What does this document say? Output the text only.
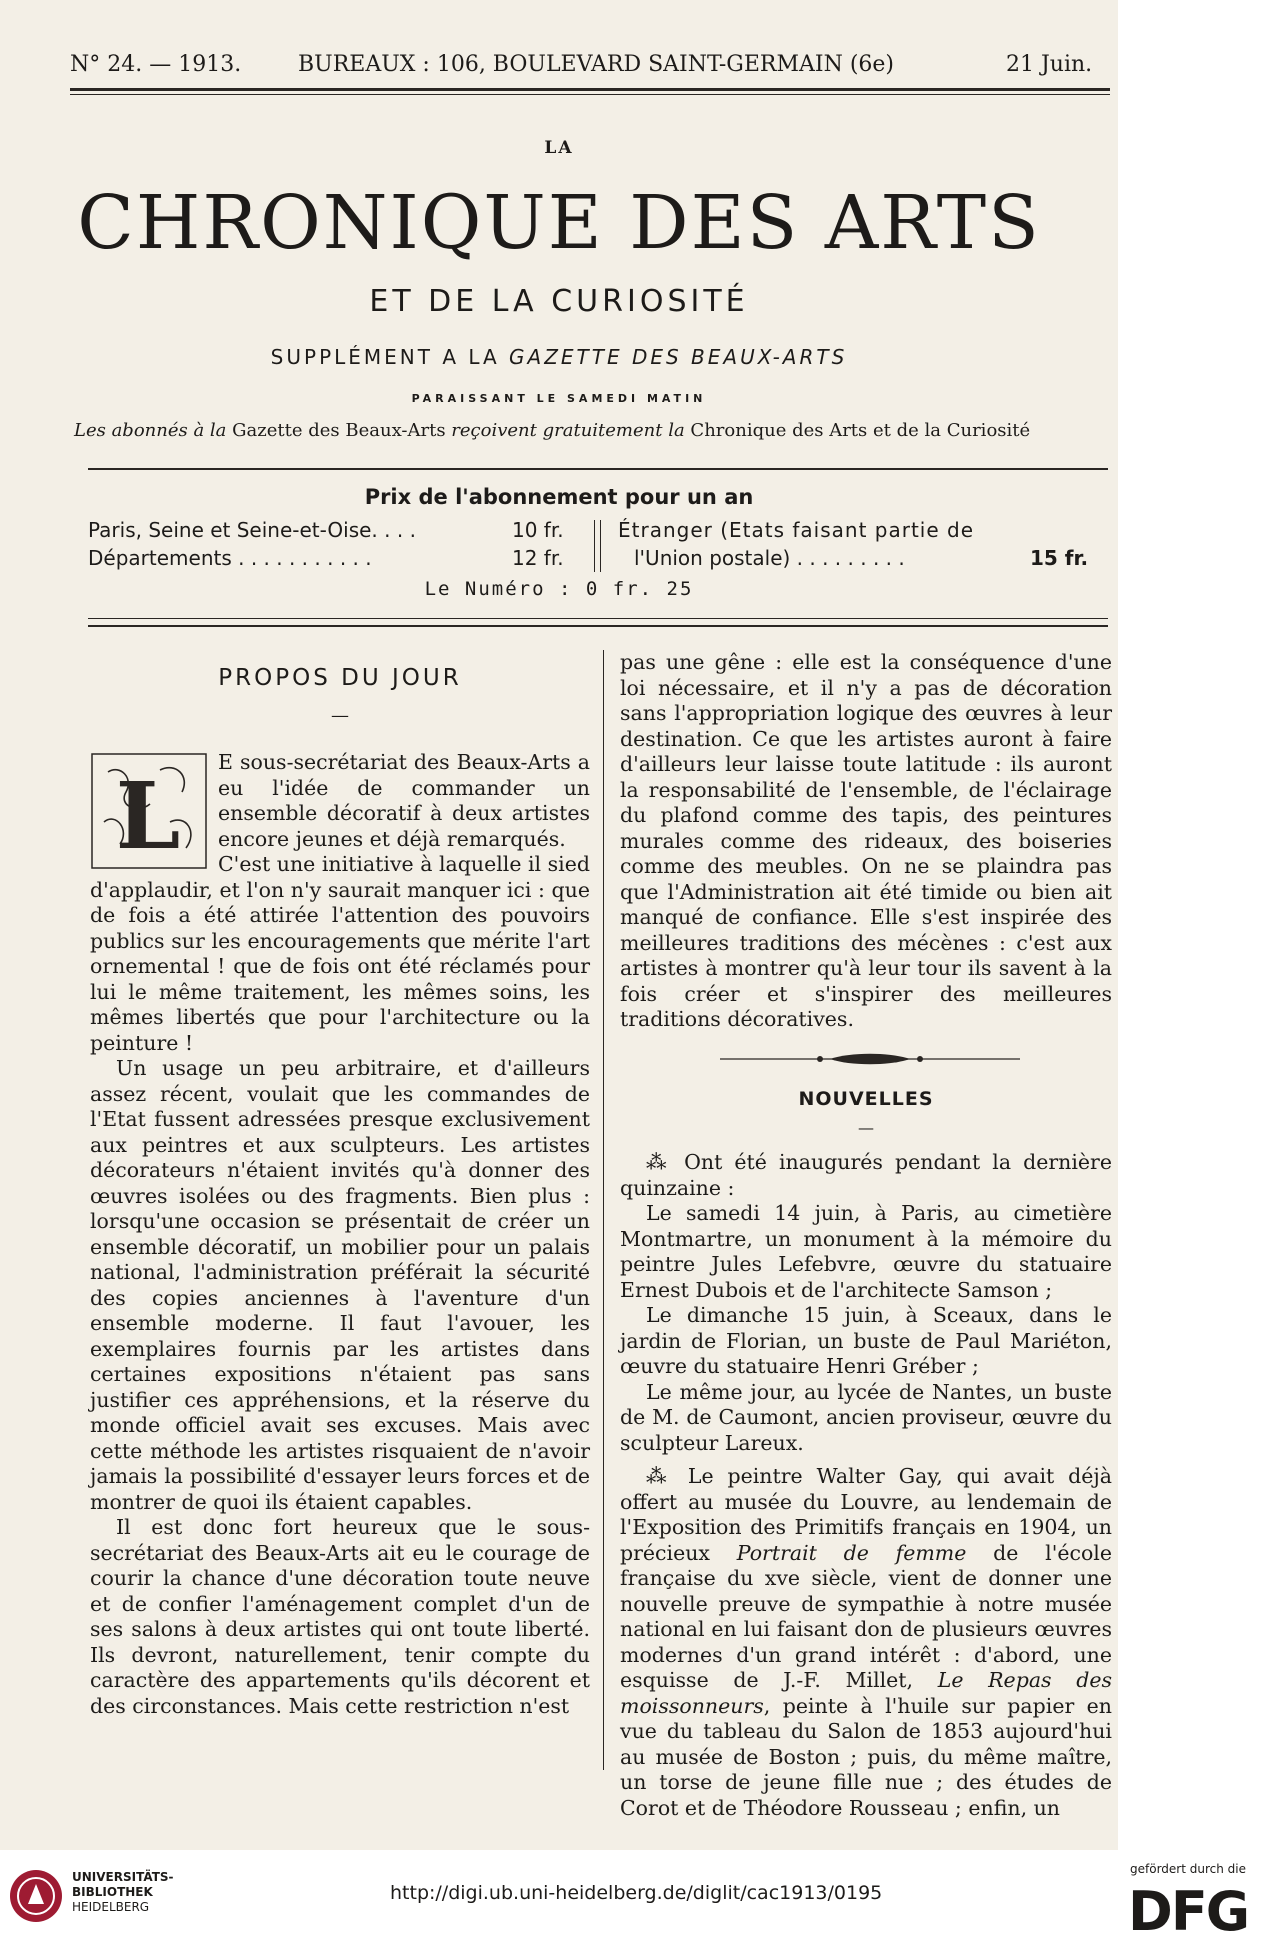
N° 24. — 1913.	BUREAUX : 106, BOULEVARD SAINT-GERMAIN (6e)	21 Juin.
LA
CHRONIQUE DES ARTS
ET DE LA CURIOSITÉ
SUPPLÉMENT A LA GAZETTE DES BEAUX-ARTS
PARAISSANT LE SAMEDI MATIN
Les abonnés à la Gazette des Beaux-Arts reçoivent gratuitement la Chronique des Arts et de la Curiosité
Prix de l'abonnement pour un an
Paris, Seine et Seine-et-Oise. . . .	10 fr.
Départements . . . . . . . . . . .	12 fr.
Étranger (Etats faisant partie de
l'Union postale) . . . . . . . . .	15 fr.
Le Numéro : 0 fr. 25
PROPOS DU JOUR
—
L	E sous-secrétariat des Beaux-Arts a eu l'idée de commander un ensemble décoratif à deux artistes encore jeunes et déjà remarqués.

C'est une initiative à laquelle il sied d'applaudir, et l'on n'y saurait manquer ici : que de fois a été attirée l'attention des pouvoirs publics sur les encouragements que mérite l'art ornemental ! que de fois ont été réclamés pour lui le même traitement, les mêmes soins, les mêmes libertés que pour l'architecture ou la peinture !

Un usage un peu arbitraire, et d'ailleurs assez récent, voulait que les commandes de l'Etat fussent adressées presque exclusivement aux peintres et aux sculpteurs. Les artistes décorateurs n'étaient invités qu'à donner des œuvres isolées ou des fragments. Bien plus : lorsqu'une occasion se présentait de créer un ensemble décoratif, un mobilier pour un palais national, l'administration préférait la sécurité des copies anciennes à l'aventure d'un ensemble moderne. Il faut l'avouer, les exemplaires fournis par les artistes dans certaines expositions n'étaient pas sans justifier ces appréhensions, et la réserve du monde officiel avait ses excuses. Mais avec cette méthode les artistes risquaient de n'avoir jamais la possibilité d'essayer leurs forces et de montrer de quoi ils étaient capables.

Il est donc fort heureux que le sous-secrétariat des Beaux-Arts ait eu le courage de courir la chance d'une décoration toute neuve et de confier l'aménagement complet d'un de ses salons à deux artistes qui ont toute liberté. Ils devront, naturellement, tenir compte du caractère des appartements qu'ils décorent et des circonstances. Mais cette restriction n'est

pas une gêne : elle est la conséquence d'une loi nécessaire, et il n'y a pas de décoration sans l'appropriation logique des œuvres à leur destination. Ce que les artistes auront à faire d'ailleurs leur laisse toute latitude : ils auront la responsabilité de l'ensemble, de l'éclairage du plafond comme des tapis, des peintures murales comme des rideaux, des boiseries comme des meubles. On ne se plaindra pas que l'Administration ait été timide ou bien ait manqué de confiance. Elle s'est inspirée des meilleures traditions des mécènes : c'est aux artistes à montrer qu'à leur tour ils savent à la fois créer et s'inspirer des meilleures traditions décoratives.

NOUVELLES
—

⁂ Ont été inaugurés pendant la dernière quinzaine :

Le samedi 14 juin, à Paris, au cimetière Montmartre, un monument à la mémoire du peintre Jules Lefebvre, œuvre du statuaire Ernest Dubois et de l'architecte Samson ;

Le dimanche 15 juin, à Sceaux, dans le jardin de Florian, un buste de Paul Mariéton, œuvre du statuaire Henri Gréber ;

Le même jour, au lycée de Nantes, un buste de M. de Caumont, ancien proviseur, œuvre du sculpteur Lareux.

⁂ Le peintre Walter Gay, qui avait déjà offert au musée du Louvre, au lendemain de l'Exposition des Primitifs français en 1904, un précieux Portrait de femme de l'école française du xve siècle, vient de donner une nouvelle preuve de sympathie à notre musée national en lui faisant don de plusieurs œuvres modernes d'un grand intérêt : d'abord, une esquisse de J.-F. Millet, Le Repas des moissonneurs, peinte à l'huile sur papier en vue du tableau du Salon de 1853 aujourd'hui au musée de Boston ; puis, du même maître, un torse de jeune fille nue ; des études de Corot et de Théodore Rousseau ; enfin, un

UNIVERSITÄTS-
BIBLIOTHEK
HEIDELBERG
http://digi.ub.uni-heidelberg.de/diglit/cac1913/0195
gefördert durch die
DFG
